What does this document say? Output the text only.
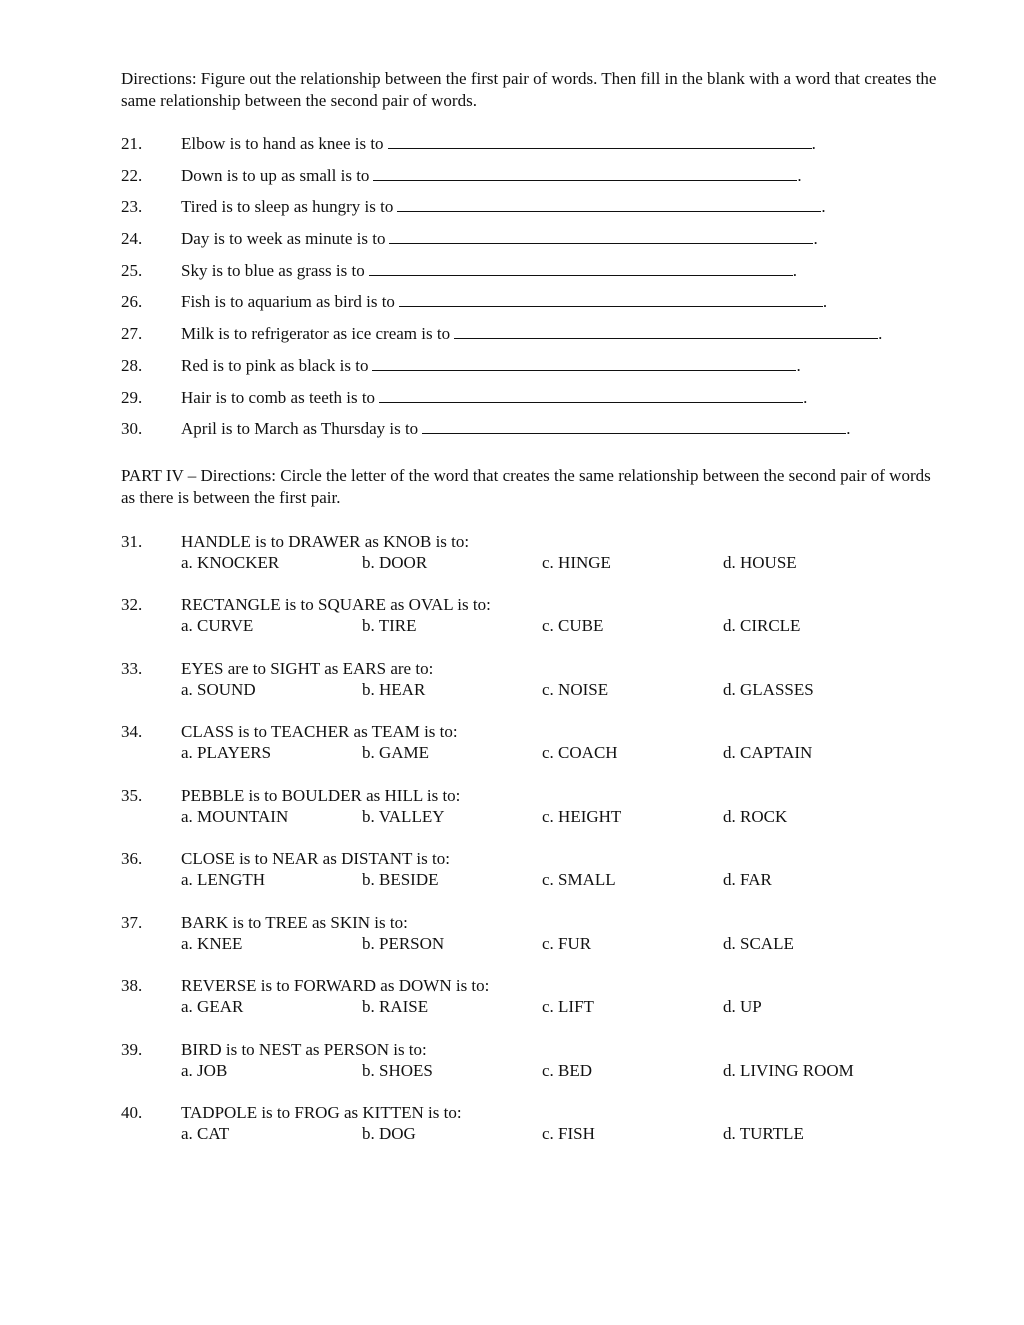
Directions: Figure out the relationship between the first pair of words. Then fill in the blank with a word that creates the same relationship between the second pair of words.

21. Elbow is to hand as knee is to	.
22. Down is to up as small is to	.
23. Tired is to sleep as hungry is to	.
24. Day is to week as minute is to	.
25. Sky is to blue as grass is to	.
26. Fish is to aquarium as bird is to	.
27. Milk is to refrigerator as ice cream is to	.
28. Red is to pink as black is to	.
29. Hair is to comb as teeth is to	.
30. April is to March as Thursday is to	.

PART IV – Directions: Circle the letter of the word that creates the same relationship between the second pair of words as there is between the first pair.

31. HANDLE is to DRAWER as KNOB is to:
a. KNOCKER	b. DOOR	c. HINGE	d. HOUSE
32. RECTANGLE is to SQUARE as OVAL is to:
a. CURVE	b. TIRE	c. CUBE	d. CIRCLE
33. EYES are to SIGHT as EARS are to:
a. SOUND	b. HEAR	c. NOISE	d. GLASSES
34. CLASS is to TEACHER as TEAM is to:
a. PLAYERS	b. GAME	c. COACH	d. CAPTAIN
35. PEBBLE is to BOULDER as HILL is to:
a. MOUNTAIN	b. VALLEY	c. HEIGHT	d. ROCK
36. CLOSE is to NEAR as DISTANT is to:
a. LENGTH	b. BESIDE	c. SMALL	d. FAR
37. BARK is to TREE as SKIN is to:
a. KNEE	b. PERSON	c. FUR	d. SCALE
38. REVERSE is to FORWARD as DOWN is to:
a. GEAR	b. RAISE	c. LIFT	d. UP
39. BIRD is to NEST as PERSON is to:
a. JOB	b. SHOES	c. BED	d. LIVING ROOM
40. TADPOLE is to FROG as KITTEN is to:
a. CAT	b. DOG	c. FISH	d. TURTLE
